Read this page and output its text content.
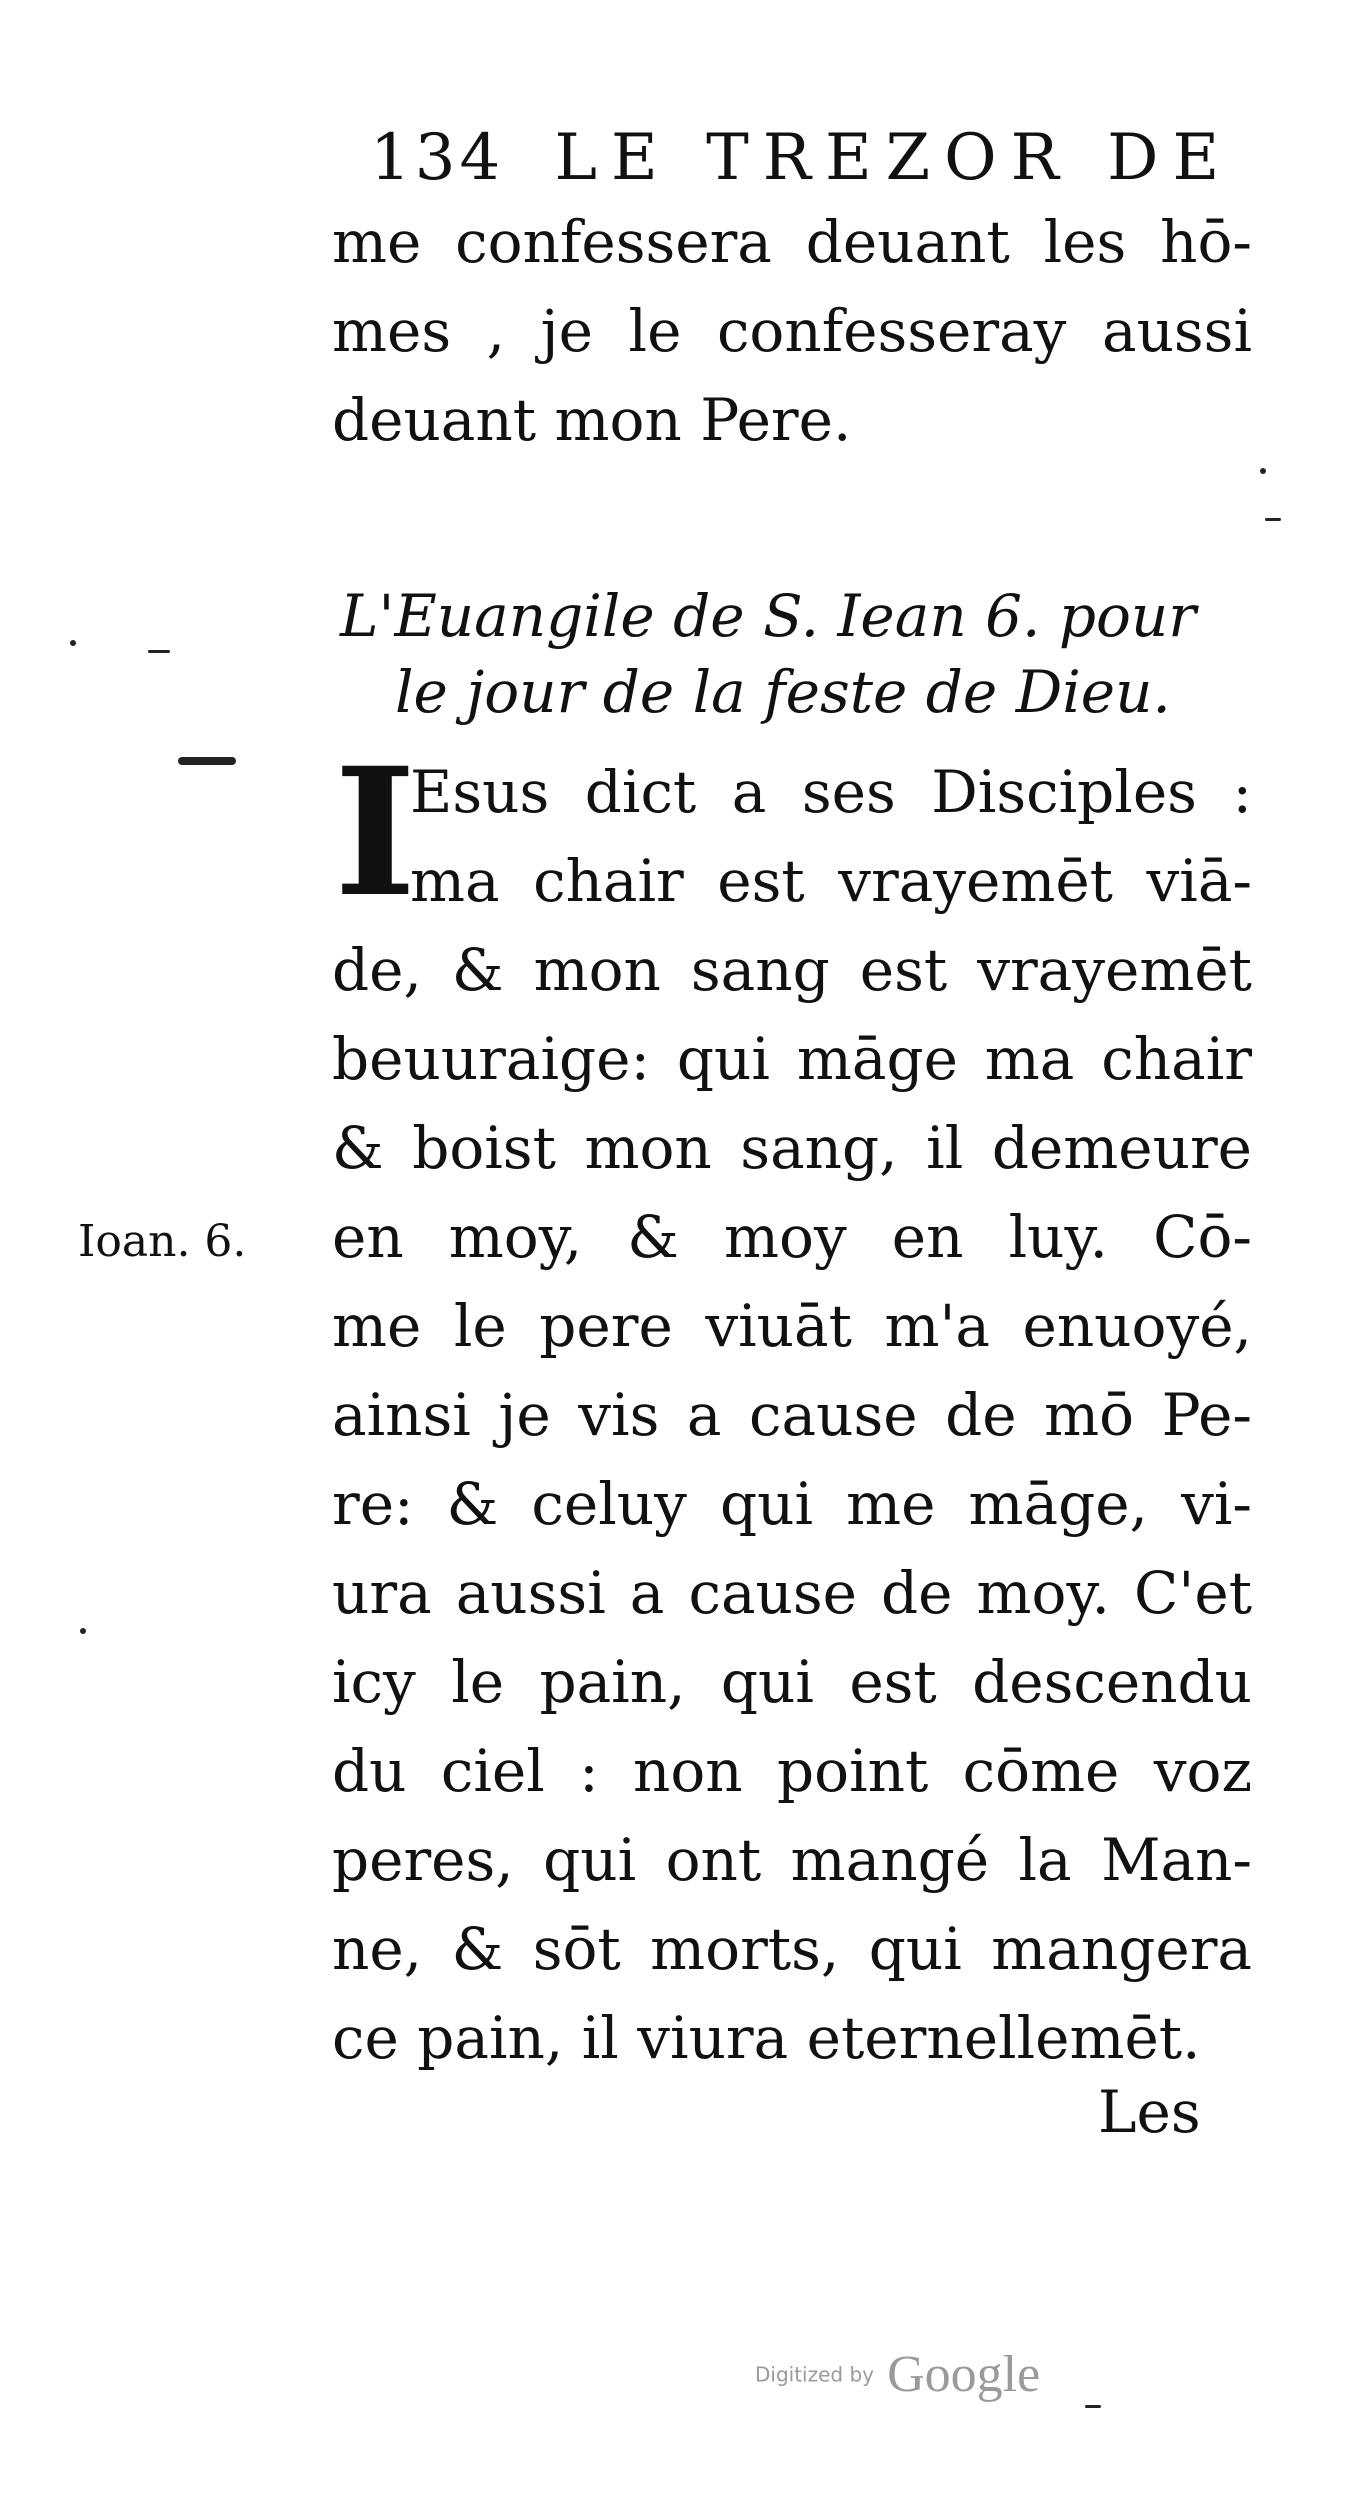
134 LE TREZOR DE
me confessera deuant les hō-
mes , je le confesseray aussi
deuant mon Pere.
L'Euangile de S. Iean 6. pour
le jour de la feste de Dieu.
I
Esus dict a ses Disciples :
ma chair est vrayemēt viā-
de, & mon sang est vrayemēt
beuuraige: qui māge ma chair
& boist mon sang, il demeure
en moy, & moy en luy. Cō-
me le pere viuāt m'a enuoyé,
ainsi je vis a cause de mō Pe-
re: & celuy qui me māge, vi-
ura aussi a cause de moy. C'et
icy le pain, qui est descendu
du ciel : non point cōme voz
peres, qui ont mangé la Man-
ne, & sōt morts, qui mangera
ce pain, il viura eternellemēt.
Ioan. 6.
Les
Digitized by Google
